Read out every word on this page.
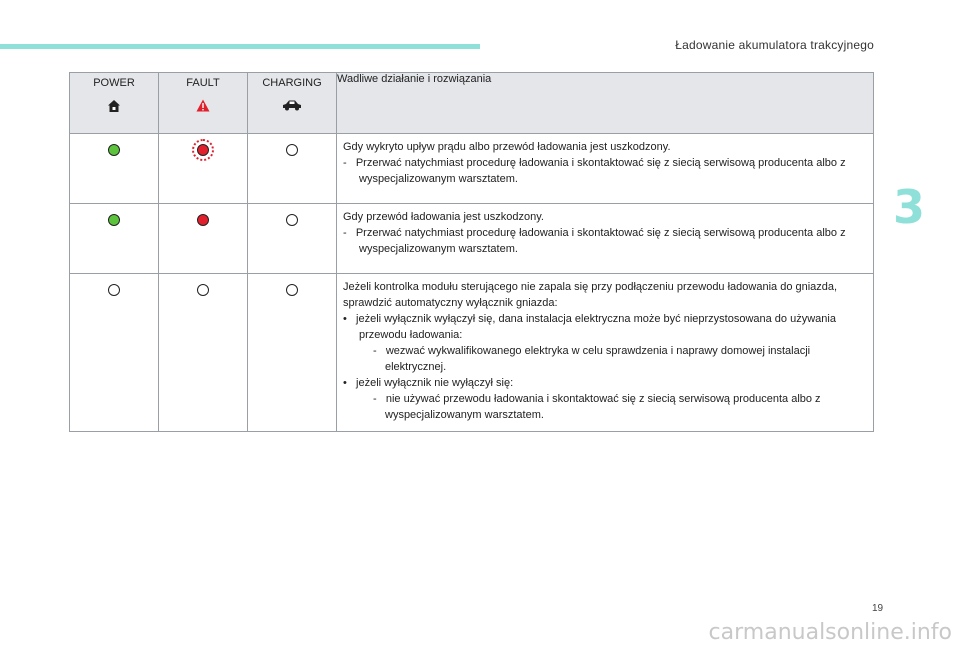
Ładowanie akumulatora trakcyjnego
3
POWER	FAULT	CHARGING	Wadliwe działanie i rozwiązania

			Gdy wykryto upływ prądu albo przewód ładowania jest uszkodzony.
-   Przerwać natychmiast procedurę ładowania i skontaktować się z siecią serwisową producenta albo z wyspecjalizowanym warsztatem.

			Gdy przewód ładowania jest uszkodzony.
-   Przerwać natychmiast procedurę ładowania i skontaktować się z siecią serwisową producenta albo z wyspecjalizowanym warsztatem.

			Jeżeli kontrolka modułu sterującego nie zapala się przy podłączeniu przewodu ładowania do gniazda, sprawdzić automatyczny wyłącznik gniazda:
•   jeżeli wyłącznik wyłączył się, dana instalacja elektryczna może być nieprzystosowana do używania przewodu ładowania:
-   wezwać wykwalifikowanego elektryka w celu sprawdzenia i naprawy domowej instalacji elektrycznej.
•   jeżeli wyłącznik nie wyłączył się:
-   nie używać przewodu ładowania i skontaktować się z siecią serwisową producenta albo z wyspecjalizowanym warsztatem.
19
carmanualsonline.info
